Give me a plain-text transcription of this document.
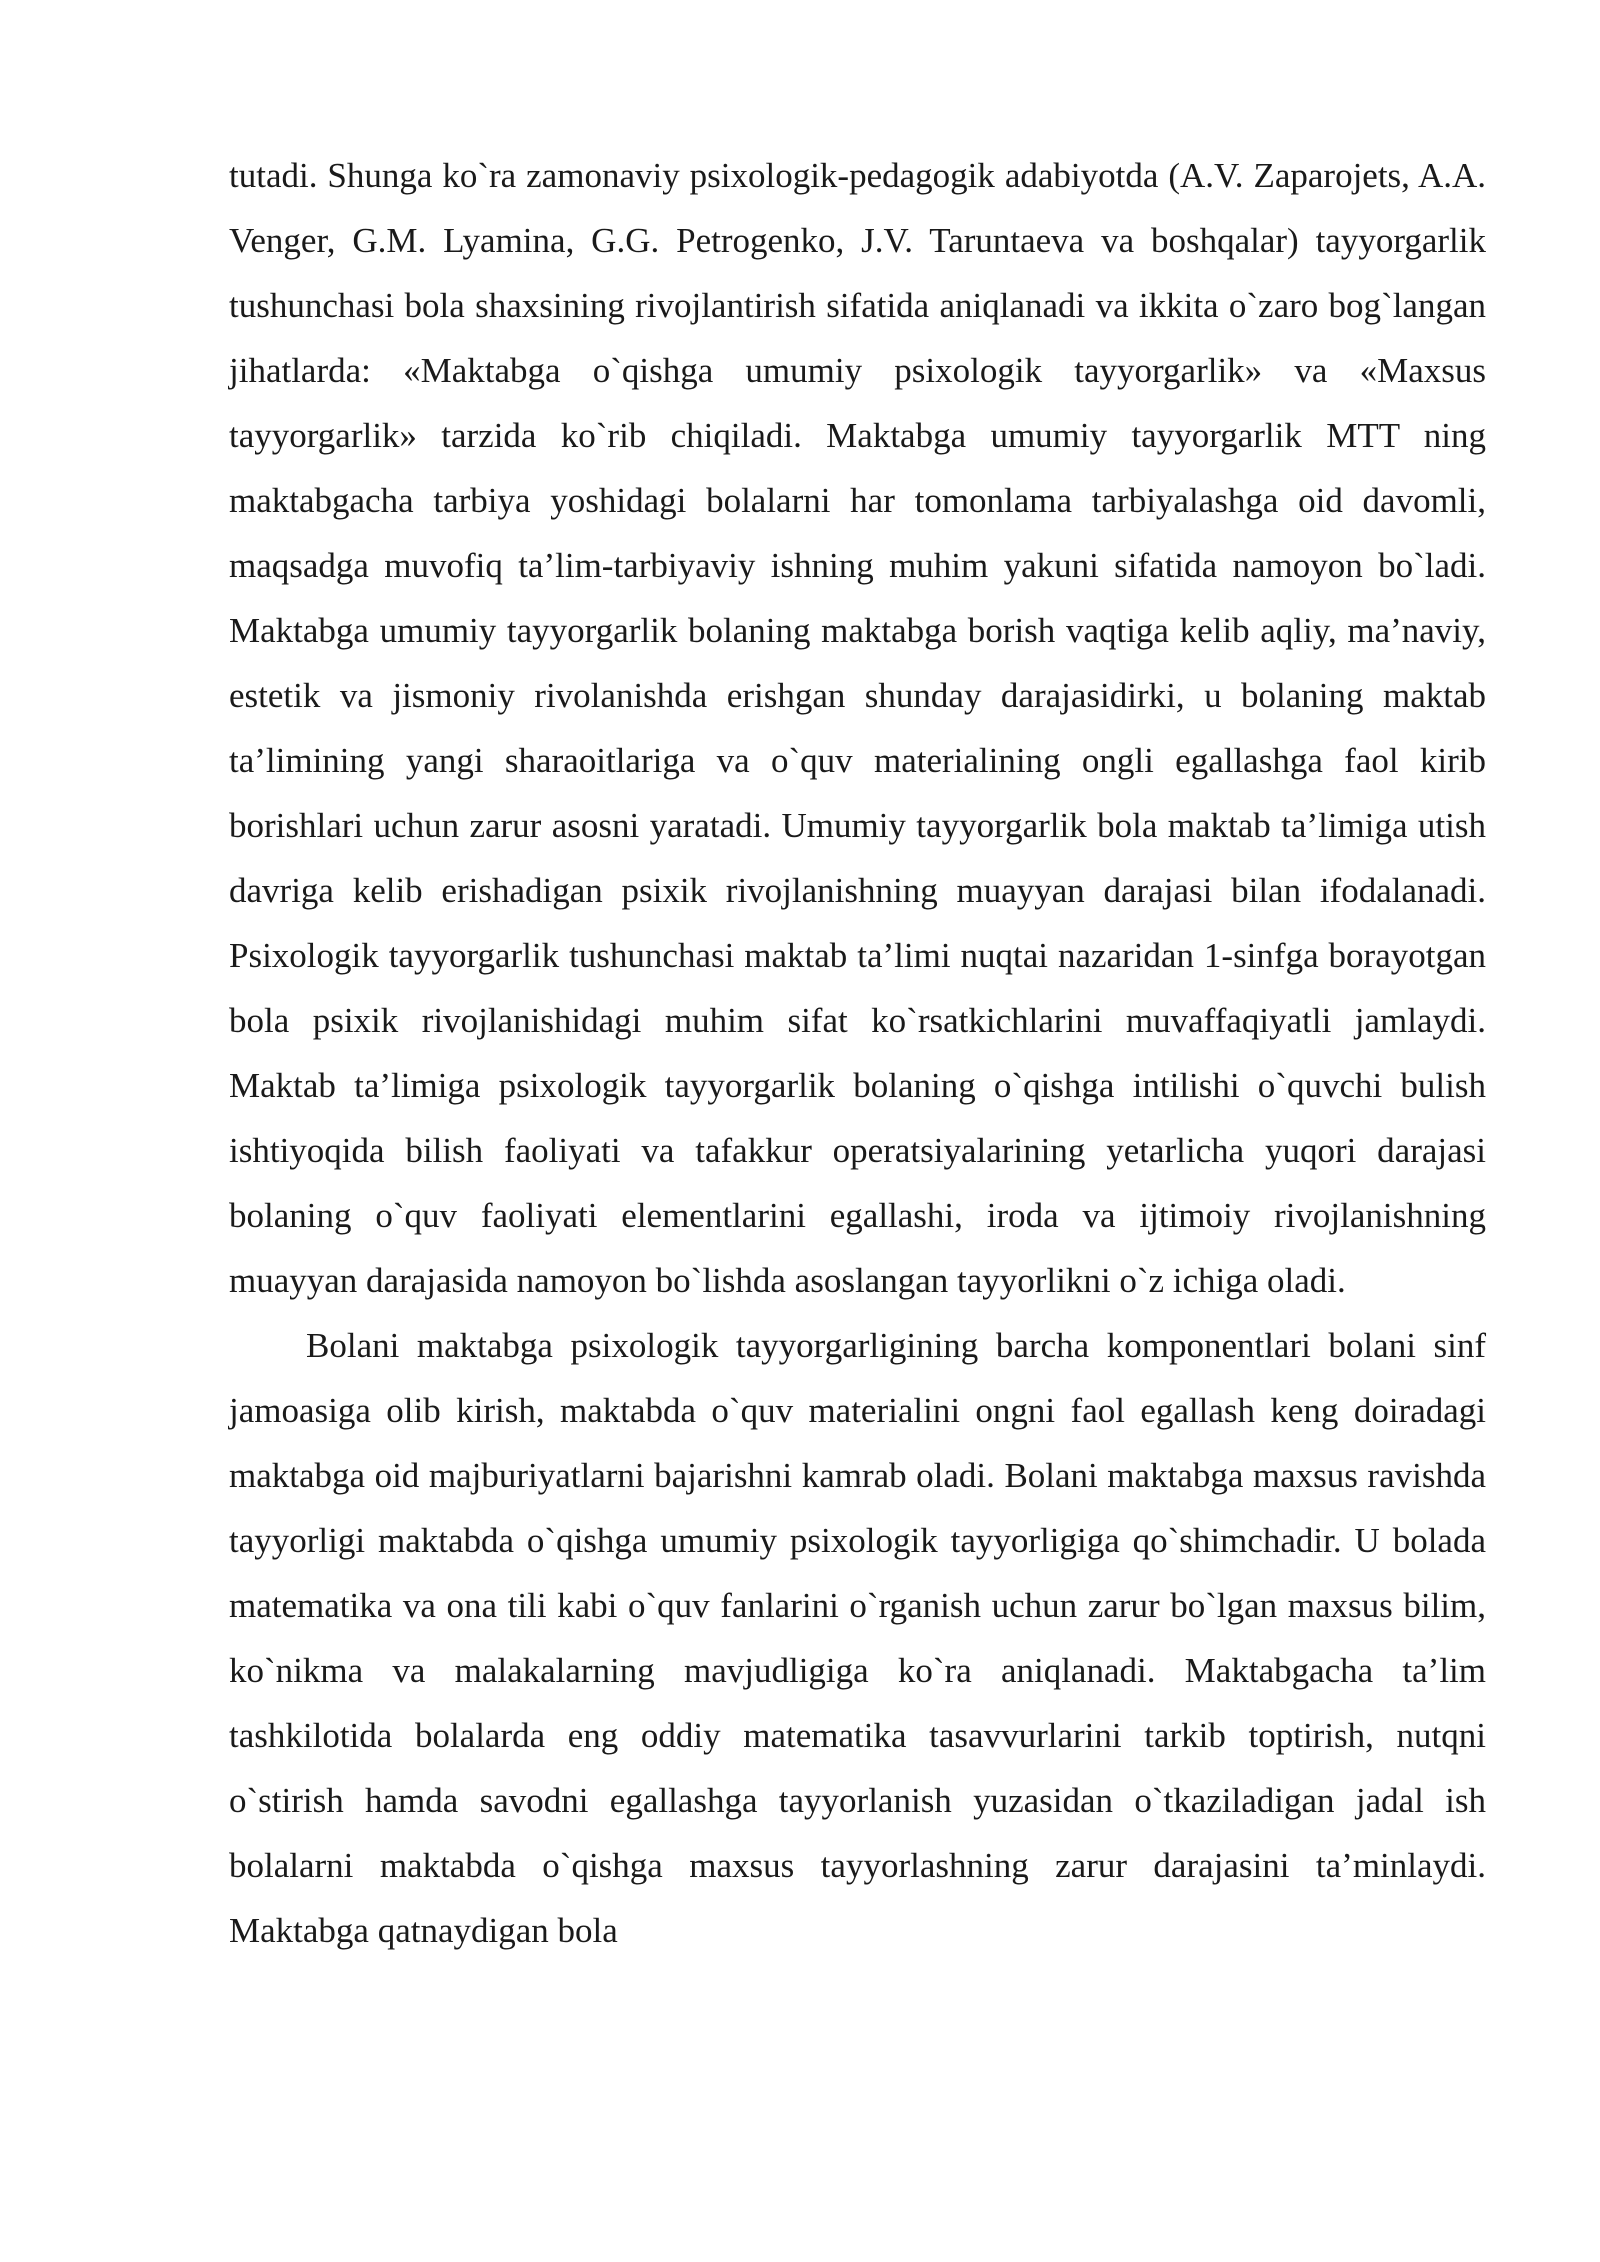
tutadi. Shunga ko`ra zamonaviy psixologik-pedagogik adabiyotda (A.V. Zaparojets, A.A. Venger, G.M. Lyamina, G.G. Petrogenko, J.V. Taruntaeva va boshqalar) tayyorgarlik tushunchasi bola shaxsining rivojlantirish sifatida aniqlanadi va ikkita o`zaro bog`langan jihatlarda: «Maktabga o`qishga umumiy psixologik tayyorgarlik» va «Maxsus tayyorgarlik» tarzida ko`rib chiqiladi. Maktabga umumiy tayyorgarlik MTT ning maktabgacha tarbiya yoshidagi bolalarni har tomonlama tarbiyalashga oid davomli, maqsadga muvofiq ta’lim-tarbiyaviy ishning muhim yakuni sifatida namoyon bo`ladi. Maktabga umumiy tayyorgarlik bolaning maktabga borish vaqtiga kelib aqliy, ma’naviy, estetik va jismoniy rivolanishda erishgan shunday darajasidirki, u bolaning maktab ta’limining yangi sharaoitlariga va o`quv materialining ongli egallashga faol kirib borishlari uchun zarur asosni yaratadi. Umumiy tayyorgarlik bola maktab ta’limiga utish davriga kelib erishadigan psixik rivojlanishning muayyan darajasi bilan ifodalanadi. Psixologik tayyorgarlik tushunchasi maktab ta’limi nuqtai nazaridan 1-sinfga borayotgan bola psixik rivojlanishidagi muhim sifat ko`rsatkichlarini muvaffaqiyatli jamlaydi. Maktab ta’limiga psixologik tayyorgarlik bolaning o`qishga intilishi o`quvchi bulish ishtiyoqida bilish faoliyati va tafakkur operatsiyalarining yetarlicha yuqori darajasi bolaning o`quv faoliyati elementlarini egallashi, iroda va ijtimoiy rivojlanishning muayyan darajasida namoyon bo`lishda asoslangan tayyorlikni o`z ichiga oladi.

Bolani maktabga psixologik tayyorgarligining barcha komponentlari bolani sinf jamoasiga olib kirish, maktabda o`quv materialini ongni faol egallash keng doiradagi maktabga oid majburiyatlarni bajarishni kamrab oladi. Bolani maktabga maxsus ravishda tayyorligi maktabda o`qishga umumiy psixologik tayyorligiga qo`shimchadir. U bolada matematika va ona tili kabi o`quv fanlarini o`rganish uchun zarur bo`lgan maxsus bilim, ko`nikma va malakalarning mavjudligiga ko`ra aniqlanadi. Maktabgacha ta’lim tashkilotida bolalarda eng oddiy matematika tasavvurlarini tarkib toptirish, nutqni o`stirish hamda savodni egallashga tayyorlanish yuzasidan o`tkaziladigan jadal ish bolalarni maktabda o`qishga maxsus tayyorlashning zarur darajasini ta’minlaydi. Maktabga qatnaydigan bola
